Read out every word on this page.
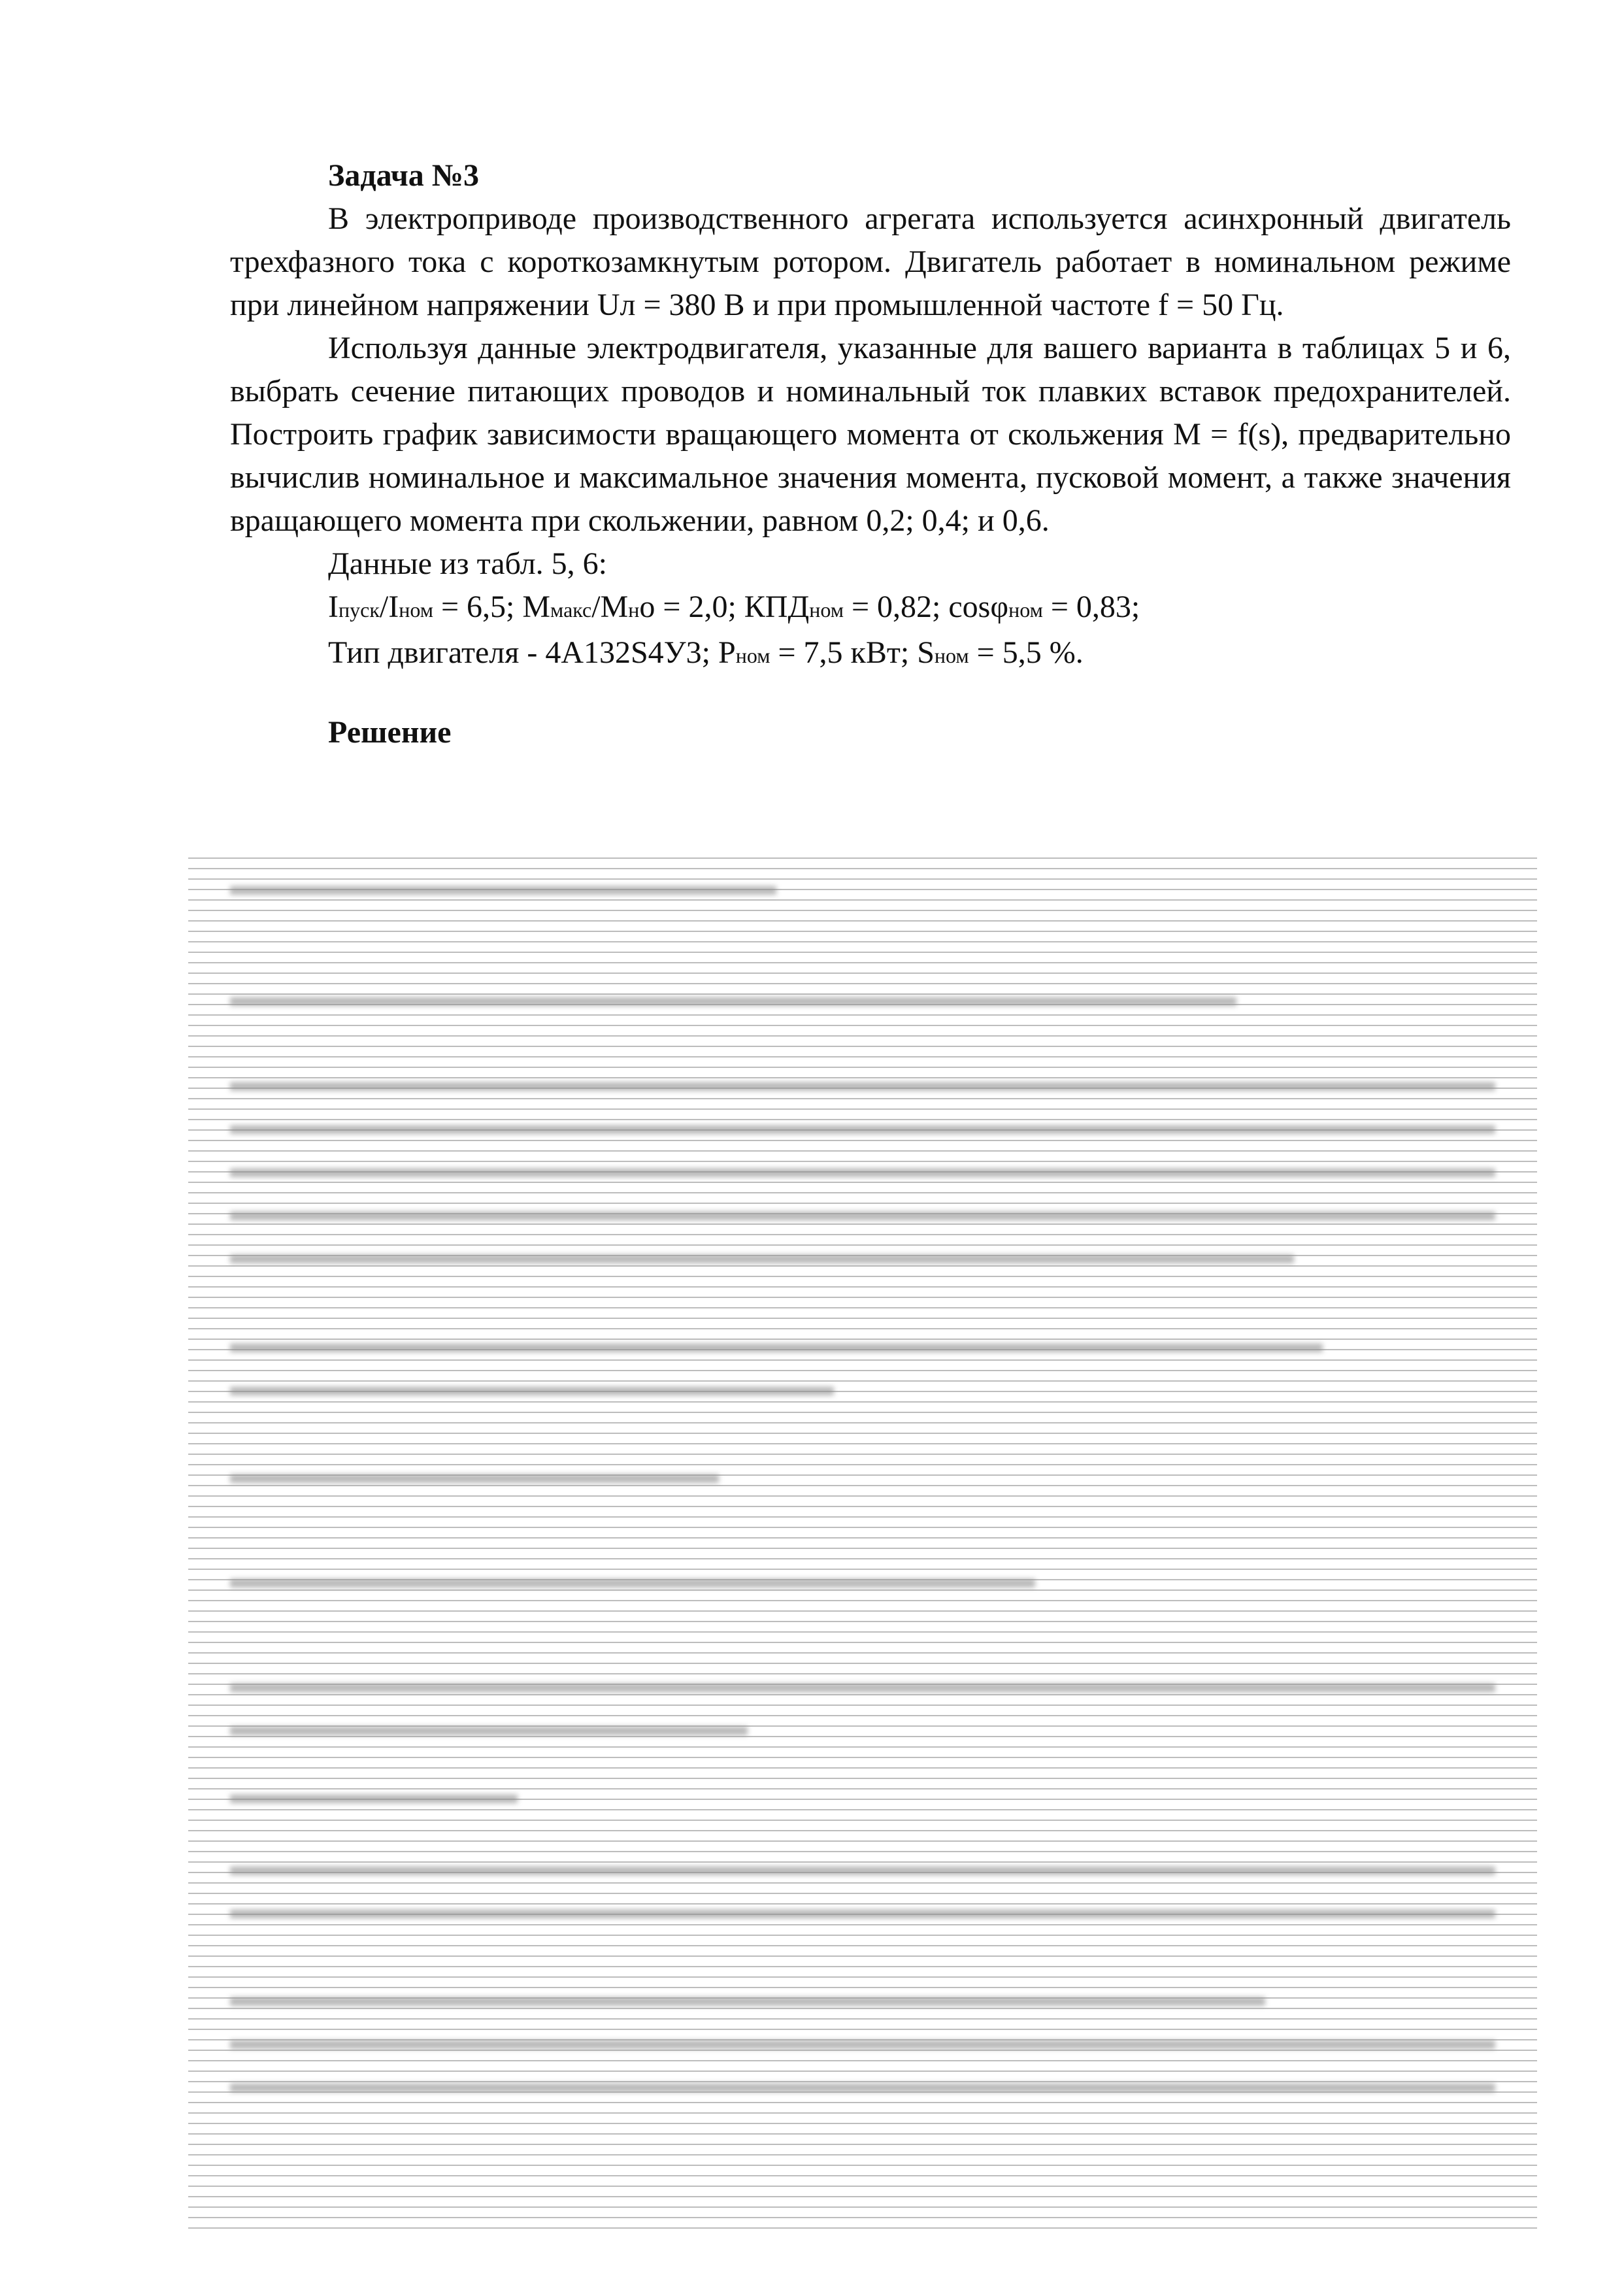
Задача №3

В электроприводе производственного агрегата используется асинхронный двигатель трехфазного тока с короткозамкнутым ротором. Двигатель работает в номинальном режиме при линейном напряжении Uл = 380 В и при промышленной частоте f = 50 Гц.

Используя данные электродвигателя, указанные для вашего варианта в таблицах 5 и 6, выбрать сечение питающих проводов и номинальный ток плавких вставок предохранителей. Построить график зависимости вращающего момента от скольжения M = f(s), предварительно вычислив номинальное и максимальное значения момента, пусковой момент, а также значения вращающего момента при скольжении, равном 0,2; 0,4; и 0,6.

Данные из табл. 5, 6:

Iпуск/Iном = 6,5; Mмакс/Mно = 2,0; КПДном = 0,82; cosφном = 0,83;

Тип двигателя - 4А132S4У3; Pном = 7,5 кВт; Sном = 5,5 %.

Решение

▬▬▬▬▬▬▬▬▬▬▬▬▬▬▬▬▬▬▬
▬▬▬▬▬▬▬▬▬▬▬▬▬▬▬▬▬▬▬▬▬▬▬▬▬▬▬▬▬▬▬▬▬▬▬
▬▬▬▬▬▬▬▬▬▬▬▬▬▬▬▬▬▬▬▬▬▬▬▬▬▬▬▬▬▬▬▬▬▬▬▬▬▬▬▬▬▬▬▬
▬▬▬▬▬▬▬▬▬▬▬▬▬▬▬▬▬▬▬▬▬▬▬▬▬▬▬▬▬▬▬▬▬▬▬▬▬▬▬▬▬▬▬▬
▬▬▬▬▬▬▬▬▬▬▬▬▬▬▬▬▬▬▬▬▬▬▬▬▬▬▬▬▬▬▬▬▬▬▬▬▬▬▬▬▬▬▬▬
▬▬▬▬▬▬▬▬▬▬▬▬▬▬▬▬▬▬▬▬▬▬▬▬▬▬▬▬▬▬▬▬▬▬▬▬▬▬▬▬▬▬▬▬
▬▬▬▬▬▬▬▬▬▬▬▬▬▬▬▬▬▬▬▬▬▬▬▬▬▬▬▬▬▬▬▬▬▬▬▬▬
▬▬▬▬▬▬▬▬▬▬▬▬▬▬▬▬▬▬▬▬▬▬▬▬▬▬▬▬▬▬▬▬▬▬▬▬▬▬
▬▬▬▬▬▬▬▬▬▬▬▬▬▬▬▬▬▬▬▬▬
▬▬▬▬▬▬▬▬▬▬▬▬▬▬▬▬▬
▬▬▬▬▬▬▬▬▬▬▬▬▬▬▬▬▬▬▬▬▬▬▬▬▬▬▬▬
▬▬▬▬▬▬▬▬▬▬▬▬▬▬▬▬▬▬▬▬▬▬▬▬▬▬▬▬▬▬▬▬▬▬▬▬▬▬▬▬▬▬▬▬
▬▬▬▬▬▬▬▬▬▬▬▬▬▬▬▬▬▬
▬▬▬▬▬▬▬▬▬▬
▬▬▬▬▬▬▬▬▬▬▬▬▬▬▬▬▬▬▬▬▬▬▬▬▬▬▬▬▬▬▬▬▬▬▬▬▬▬▬▬▬▬▬▬
▬▬▬▬▬▬▬▬▬▬▬▬▬▬▬▬▬▬▬▬▬▬▬▬▬▬▬▬▬▬▬▬▬▬▬▬▬▬▬▬▬▬▬▬
▬▬▬▬▬▬▬▬▬▬▬▬▬▬▬▬▬▬▬▬▬▬▬▬▬▬▬▬▬▬▬▬▬▬▬▬
▬▬▬▬▬▬▬▬▬▬▬▬▬▬▬▬▬▬▬▬▬▬▬▬▬▬▬▬▬▬▬▬▬▬▬▬▬▬▬▬▬▬▬▬
▬▬▬▬▬▬▬▬▬▬▬▬▬▬▬▬▬▬▬▬▬▬▬▬▬▬▬▬▬▬▬▬▬▬▬▬▬▬▬▬▬▬▬▬
